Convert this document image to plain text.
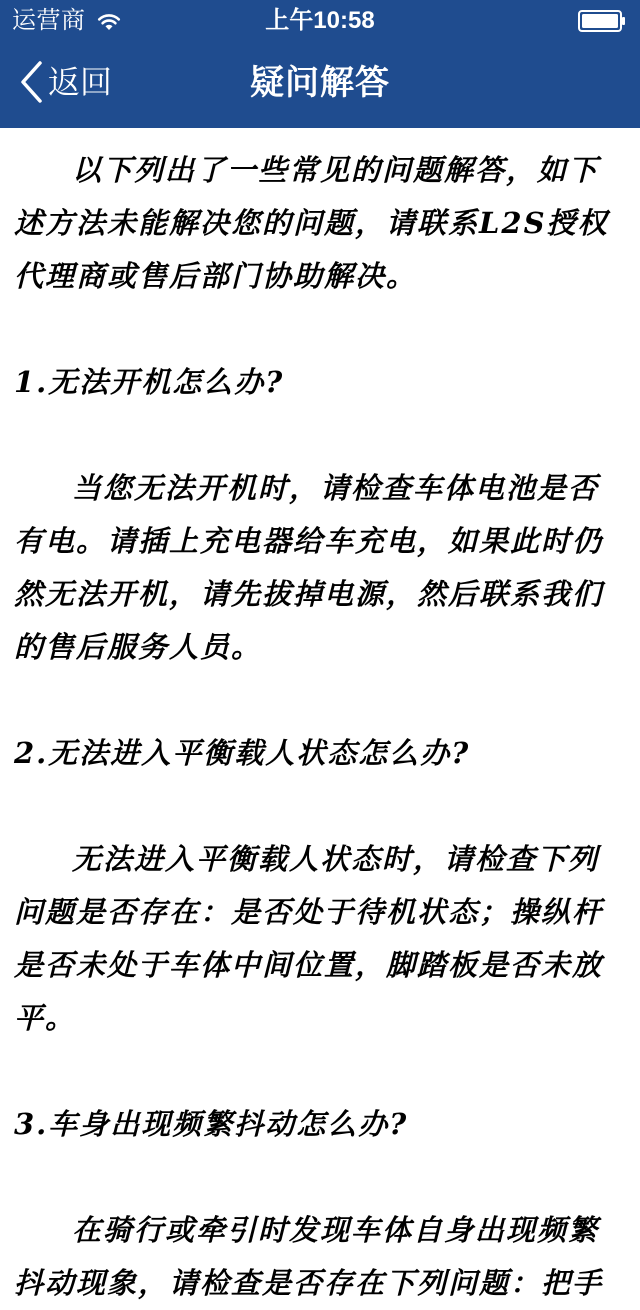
运营商	上午10:58
返回	疑问解答

以下列出了一些常见的问题解答，如下述方法未能解决您的问题，请联系L2S授权代理商或售后部门协助解决。

1.无法开机怎么办?

当您无法开机时，请检查车体电池是否有电。请插上充电器给车充电，如果此时仍然无法开机，请先拔掉电源，然后联系我们的售后服务人员。

2.无法进入平衡载人状态怎么办?

无法进入平衡载人状态时，请检查下列问题是否存在：是否处于待机状态；操纵杆是否未处于车体中间位置，脚踏板是否未放平。

3.车身出现频繁抖动怎么办?

在骑行或牵引时发现车体自身出现频繁抖动现象，请检查是否存在下列问题：把手
